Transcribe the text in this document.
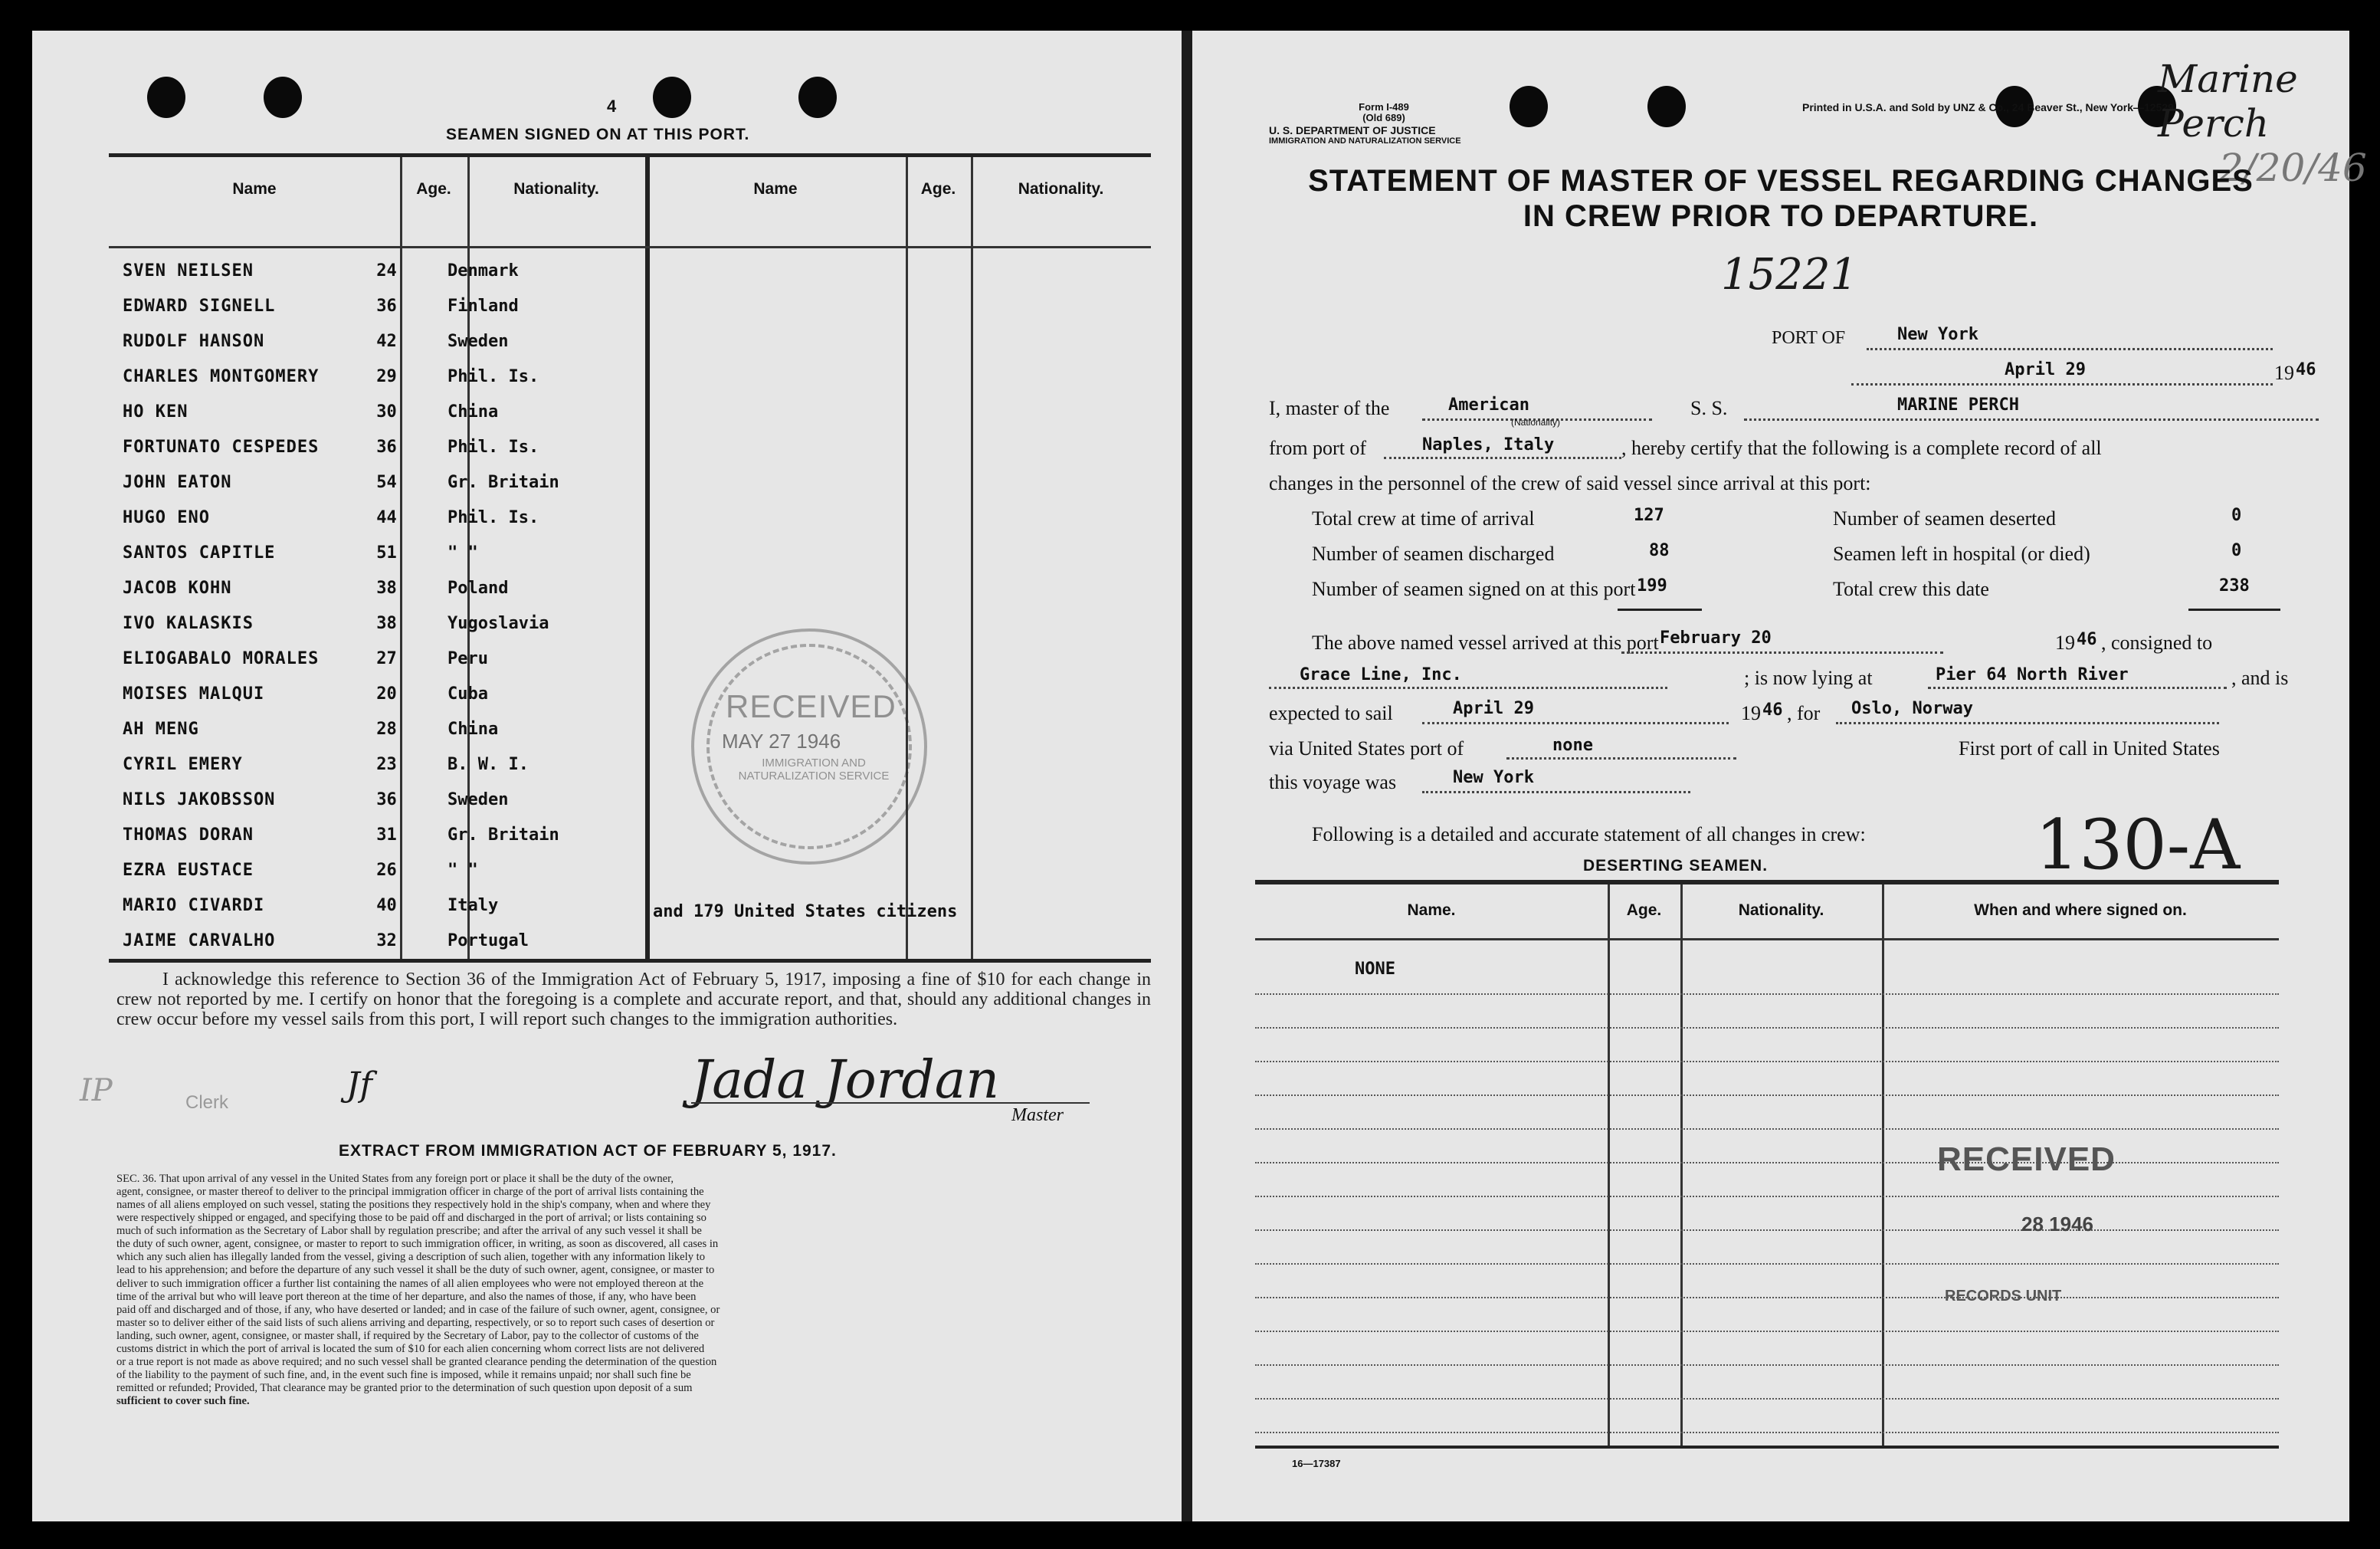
4
SEAMEN SIGNED ON AT THIS PORT.
Name	Age.	Nationality.	Name	Age.	Nationality.
SVEN NEILSEN	24	Denmark
EDWARD SIGNELL	36	Finland
RUDOLF HANSON	42	Sweden
CHARLES MONTGOMERY	29	Phil. Is.
HO KEN	30	China
FORTUNATO CESPEDES	36	Phil. Is.
JOHN EATON	54	Gr. Britain
HUGO ENO	44	Phil. Is.
SANTOS CAPITLE	51	" "
JACOB KOHN	38	Poland
IVO KALASKIS	38	Yugoslavia
ELIOGABALO MORALES	27	Peru
MOISES MALQUI	20	Cuba
AH MENG	28	China
CYRIL EMERY	23	B. W. I.
NILS JAKOBSSON	36	Sweden
THOMAS DORAN	31	Gr. Britain
EZRA EUSTACE	26	" "
MARIO CIVARDI	40	Italy
JAIME CARVALHO	32	Portugal
and 179 United States citizens
I acknowledge this reference to Section 36 of the Immigration Act of February 5, 1917, imposing a fine of $10 for each change in crew not reported by me. I certify on honor that the foregoing is a complete and accurate report, and that, should any additional changes in crew occur before my vessel sails from this port, I will report such changes to the immigration authorities.
IP	Clerk	Jf	Jada Jordan
Master
EXTRACT FROM IMMIGRATION ACT OF FEBRUARY 5, 1917.
SEC. 36. That upon arrival of any vessel in the United States from any foreign port or place it shall be the duty of the owner,
agent, consignee, or master thereof to deliver to the principal immigration officer in charge of the port of arrival lists containing the
names of all aliens employed on such vessel, stating the positions they respectively hold in the ship's company, when and where they
were respectively shipped or engaged, and specifying those to be paid off and discharged in the port of arrival; or lists containing so
much of such information as the Secretary of Labor shall by regulation prescribe; and after the arrival of any such vessel it shall be
the duty of such owner, agent, consignee, or master to report to such immigration officer, in writing, as soon as discovered, all cases in
which any such alien has illegally landed from the vessel, giving a description of such alien, together with any information likely to
lead to his apprehension; and before the departure of any such vessel it shall be the duty of such owner, agent, consignee, or master to
deliver to such immigration officer a further list containing the names of all alien employees who were not employed thereon at the
time of the arrival but who will leave port thereon at the time of her departure, and also the names of those, if any, who have been
paid off and discharged and of those, if any, who have deserted or landed; and in case of the failure of such owner, agent, consignee, or
master so to deliver either of the said lists of such aliens arriving and departing, respectively, or so to report such cases of desertion or
landing, such owner, agent, consignee, or master shall, if required by the Secretary of Labor, pay to the collector of customs of the
customs district in which the port of arrival is located the sum of $10 for each alien concerning whom correct lists are not delivered
or a true report is not made as above required; and no such vessel shall be granted clearance pending the determination of the question
of the liability to the payment of such fine, and, in the event such fine is imposed, while it remains unpaid; nor shall such fine be
remitted or refunded; Provided, That clearance may be granted prior to the determination of such question upon deposit of a sum
sufficient to cover such fine.
RECEIVED
MAY 27 1946
IMMIGRATION AND NATURALIZATION SERVICE
Form I-489
(Old 689)
U. S. DEPARTMENT OF JUSTICE
IMMIGRATION AND NATURALIZATION SERVICE
Printed in U.S.A. and Sold by UNZ & Co., 24 Beaver St., New York—12529
Marine Perch
2/20/46
STATEMENT OF MASTER OF VESSEL REGARDING CHANGES
IN CREW PRIOR TO DEPARTURE.
15221
PORT OF	New York
April 29	19 46
I, master of the	American
(Nationality)
S. S.	MARINE PERCH
from port of	Naples, Italy	, hereby certify that the following is a complete record of all
changes in the personnel of the crew of said vessel since arrival at this port:
Total crew at time of arrival	127
Number of seamen discharged	88
Number of seamen signed on at this port 199
Number of seamen deserted	0
Seamen left in hospital (or died)	0
Total crew this date	238
The above named vessel arrived at this port February 20	19 46 , consigned to
Grace Line, Inc.	; is now lying at	Pier 64 North River	, and is
expected to sail	April 29	19 46 , for Oslo, Norway
via United States port of	none	First port of call in United States
this voyage was	New York
Following is a detailed and accurate statement of all changes in crew: 130-A
DESERTING SEAMEN.
16—17387
Name.	Age.	Nationality.	When and where signed on.
NONE
RECEIVED
28 1946
RECORDS UNIT
